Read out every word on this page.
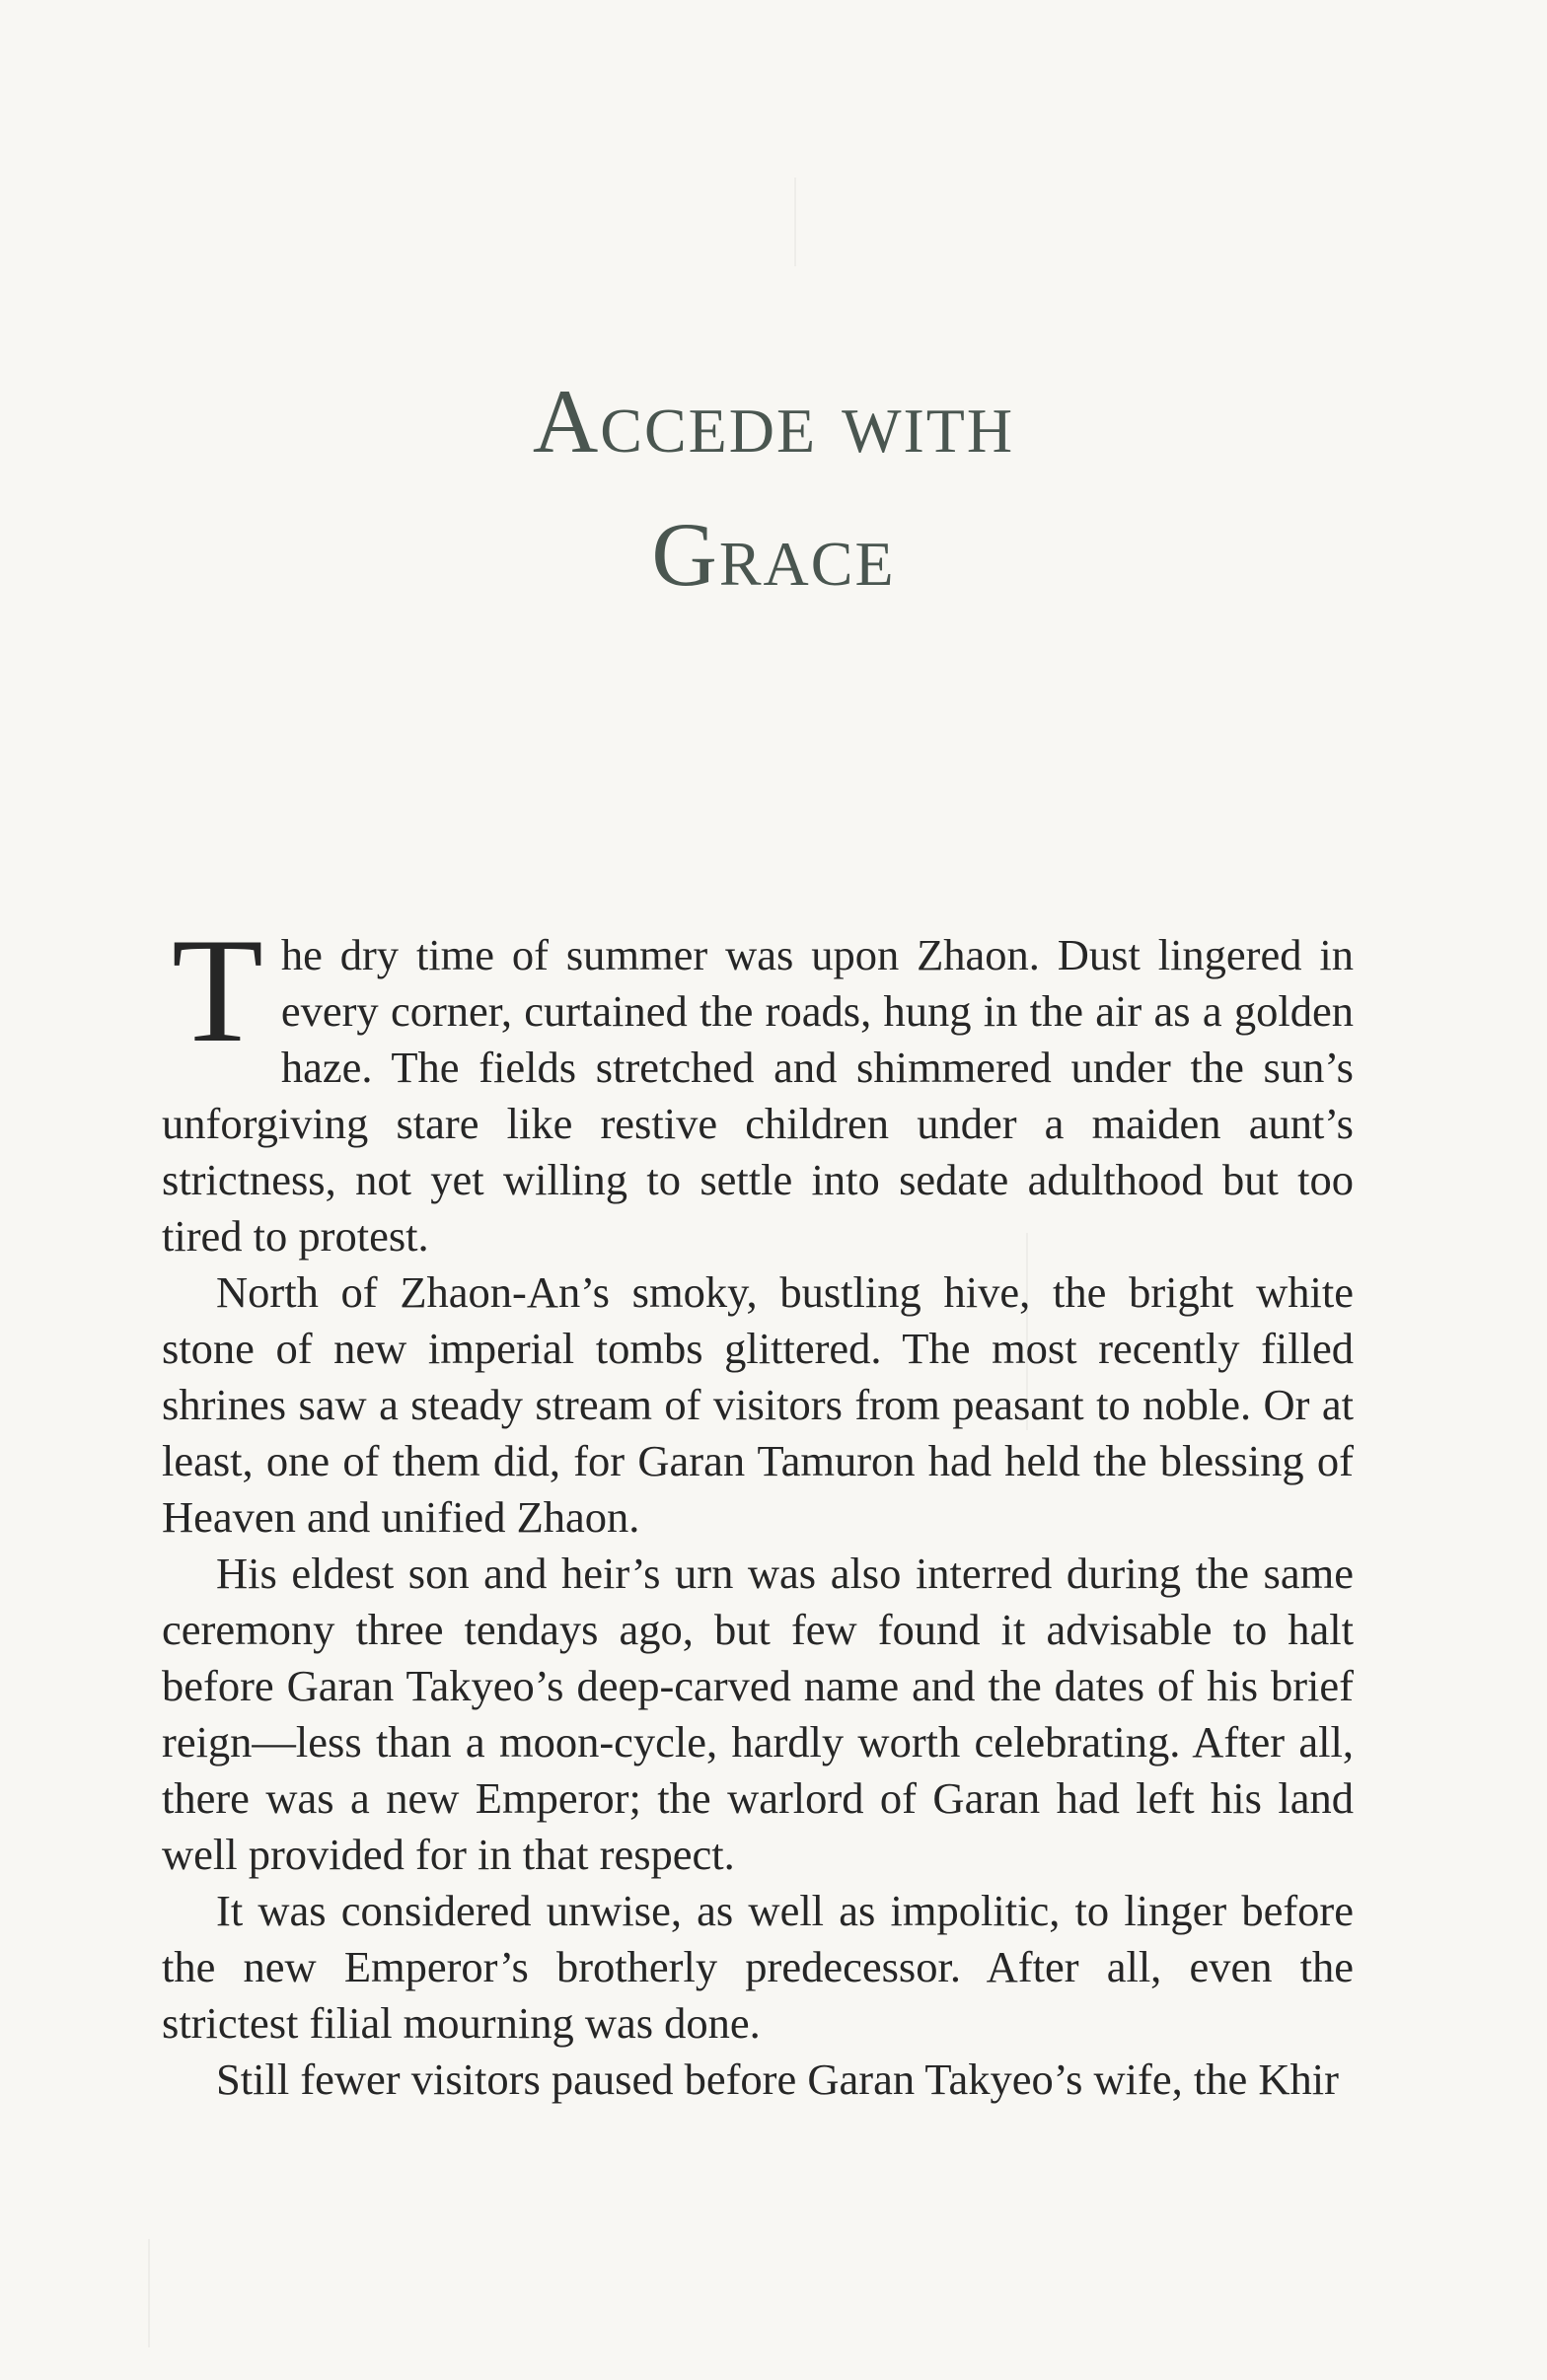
Accede with
Grace

The dry time of summer was upon Zhaon. Dust lingered in every corner, curtained the roads, hung in the air as a golden haze. The fields stretched and shimmered under the sun’s unforgiving stare like restive children under a maiden aunt’s strictness, not yet willing to settle into sedate adulthood but too tired to protest.

North of Zhaon-An’s smoky, bustling hive, the bright white stone of new imperial tombs glittered. The most recently filled shrines saw a steady stream of visitors from peasant to noble. Or at least, one of them did, for Garan Tamuron had held the blessing of Heaven and unified Zhaon.

His eldest son and heir’s urn was also interred during the same ceremony three tendays ago, but few found it advisable to halt before Garan Takyeo’s deep-carved name and the dates of his brief reign—less than a moon-cycle, hardly worth celebrating. After all, there was a new Emperor; the warlord of Garan had left his land well provided for in that respect.

It was considered unwise, as well as impolitic, to linger before the new Emperor’s brotherly predecessor. After all, even the strictest filial mourning was done.

Still fewer visitors paused before Garan Takyeo’s wife, the Khir
